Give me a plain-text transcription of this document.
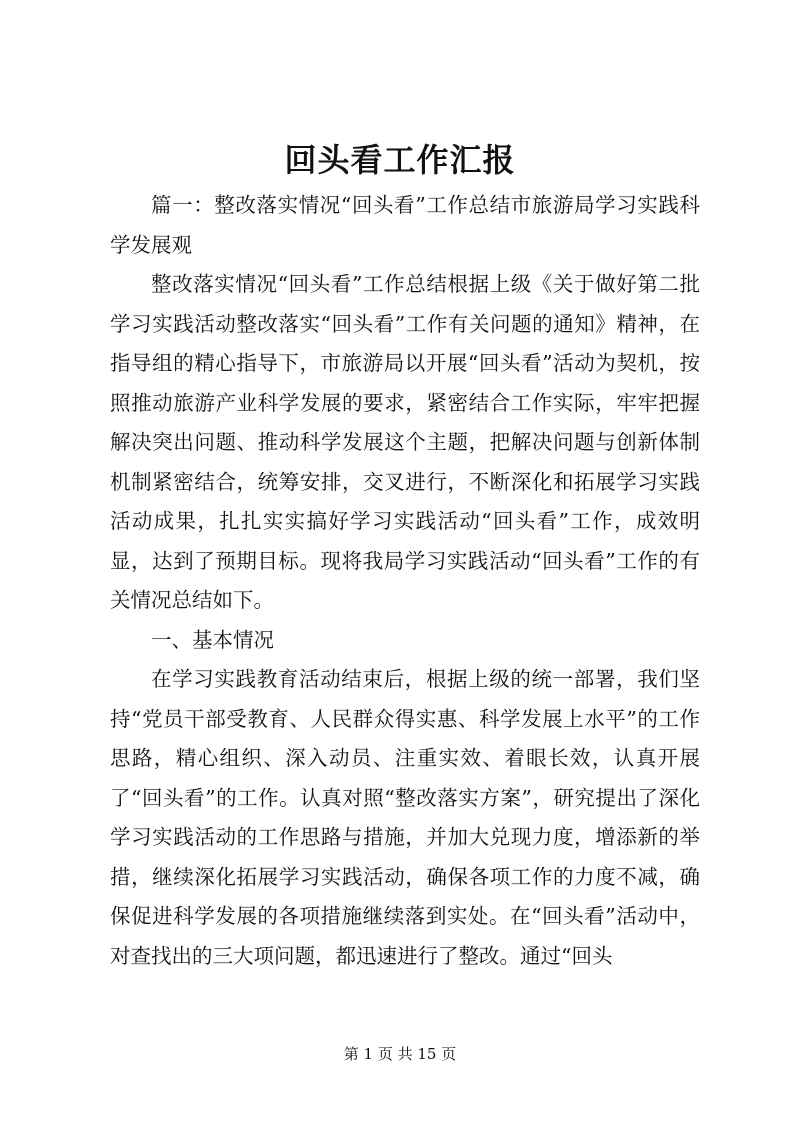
回头看工作汇报

篇一：整改落实情况“回头看”工作总结市旅游局学习实践科学发展观

整改落实情况“回头看”工作总结根据上级《关于做好第二批学习实践活动整改落实“回头看”工作有关问题的通知》精神，在指导组的精心指导下，市旅游局以开展“回头看”活动为契机，按照推动旅游产业科学发展的要求，紧密结合工作实际，牢牢把握解决突出问题、推动科学发展这个主题，把解决问题与创新体制机制紧密结合，统筹安排，交叉进行，不断深化和拓展学习实践活动成果，扎扎实实搞好学习实践活动“回头看”工作，成效明显，达到了预期目标。现将我局学习实践活动“回头看”工作的有关情况总结如下。

一、基本情况

在学习实践教育活动结束后，根据上级的统一部署，我们坚持“党员干部受教育、人民群众得实惠、科学发展上水平”的工作思路，精心组织、深入动员、注重实效、着眼长效，认真开展了“回头看”的工作。认真对照“整改落实方案”，研究提出了深化学习实践活动的工作思路与措施，并加大兑现力度，增添新的举措，继续深化拓展学习实践活动，确保各项工作的力度不减，确保促进科学发展的各项措施继续落到实处。在“回头看”活动中，对查找出的三大项问题，都迅速进行了整改。通过“回头

第 1 页 共 15 页
